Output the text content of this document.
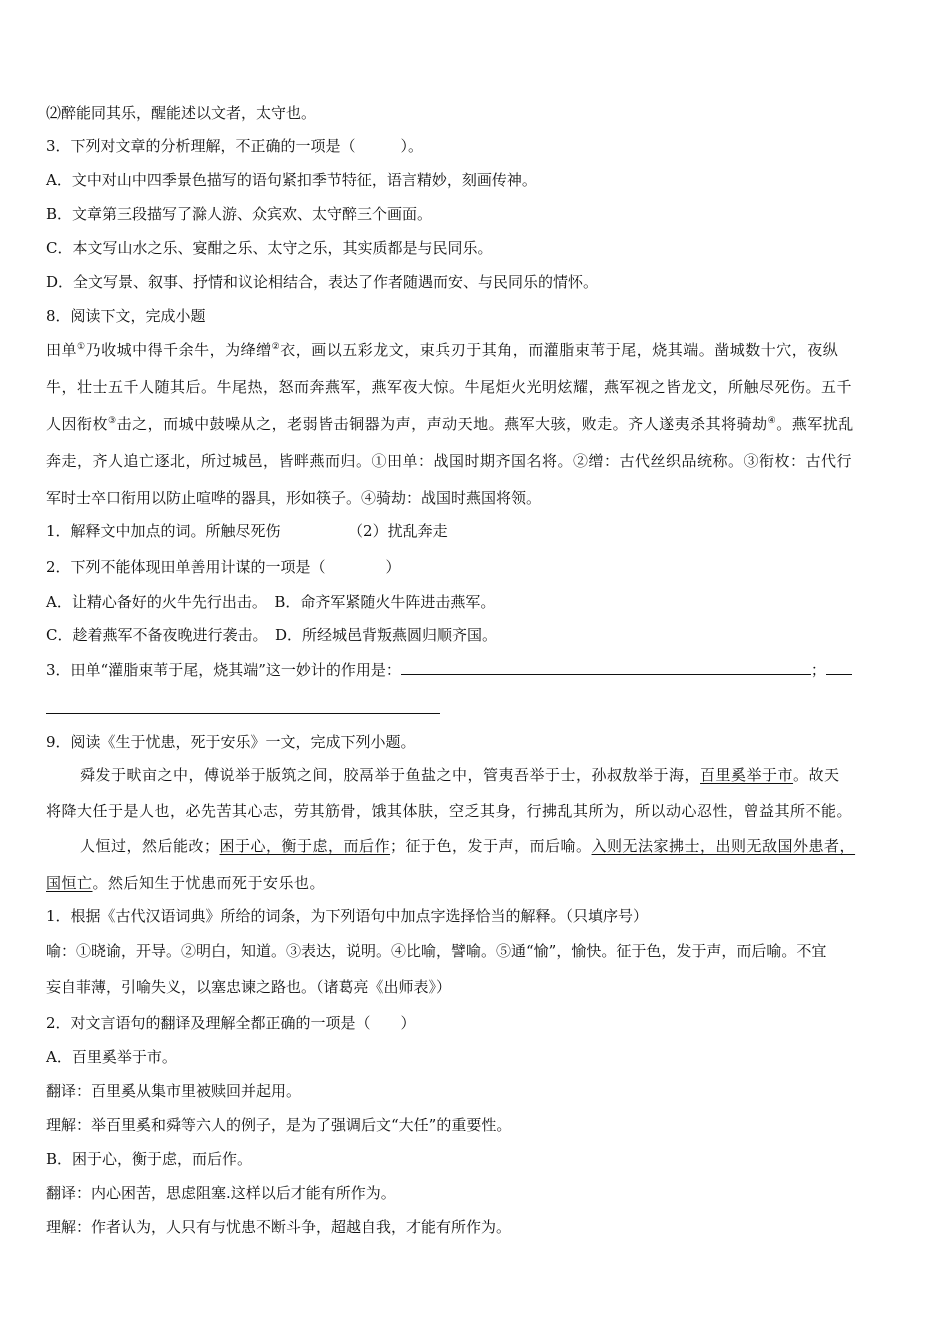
⑵醉能同其乐，醒能述以文者，太守也。
3．下列对文章的分析理解，不正确的一项是（　　　）。
A．文中对山中四季景色描写的语句紧扣季节特征，语言精妙，刻画传神。
B．文章第三段描写了滁人游、众宾欢、太守醉三个画面。
C．本文写山水之乐、宴酣之乐、太守之乐，其实质都是与民同乐。
D．全文写景、叙事、抒情和议论相结合，表达了作者随遇而安、与民同乐的情怀。
8．阅读下文，完成小题
田单①乃收城中得千余牛，为绛缯②衣，画以五彩龙文，束兵刃于其角，而灌脂束苇于尾，烧其端。凿城数十穴，夜纵
牛，壮士五千人随其后。牛尾热，怒而奔燕军，燕军夜大惊。牛尾炬火光明炫耀，燕军视之皆龙文，所触尽死伤。五千
人因衔枚③击之，而城中鼓噪从之，老弱皆击铜器为声，声动天地。燕军大骇，败走。齐人遂夷杀其将骑劫④。燕军扰乱
奔走，齐人追亡逐北，所过城邑，皆畔燕而归。①田单：战国时期齐国名将。②缯：古代丝织品统称。③衔枚：古代行
军时士卒口衔用以防止喧哗的器具，形如筷子。④骑劫：战国时燕国将领。
1．解释文中加点的词。所触尽死伤　　　　　（2）扰乱奔走
2．下列不能体现田单善用计谋的一项是（　　　　）
A．让精心备好的火牛先行出击。　B．命齐军紧随火牛阵进击燕军。
C．趁着燕军不备夜晚进行袭击。　D．所经城邑背叛燕圆归顺齐国。
3．田单“灌脂束苇于尾，烧其端”这一妙计的作用是：	；
9．阅读《生于忧患，死于安乐》一文，完成下列小题。
舜发于畎亩之中，傅说举于版筑之间，胶鬲举于鱼盐之中，管夷吾举于士，孙叔敖举于海，百里奚举于市。故天
将降大任于是人也，必先苦其心志，劳其筋骨，饿其体肤，空乏其身，行拂乱其所为，所以动心忍性，曾益其所不能。
人恒过，然后能改；困于心，衡于虑，而后作；征于色，发于声，而后喻。入则无法家拂士，出则无敌国外患者，
国恒亡。然后知生于忧患而死于安乐也。
1．根据《古代汉语词典》所给的词条，为下列语句中加点字选择恰当的解释。（只填序号）
喻：①晓谕，开导。②明白，知道。③表达，说明。④比喻，譬喻。⑤通“愉”，愉快。征于色，发于声，而后喻。不宜
妄自菲薄，引喻失义，以塞忠谏之路也。（诸葛亮《出师表》）
2．对文言语句的翻译及理解全都正确的一项是（　　）
A．百里奚举于市。
翻译：百里奚从集市里被赎回并起用。
理解：举百里奚和舜等六人的例子，是为了强调后文“大任”的重要性。
B．困于心，衡于虑，而后作。
翻译：内心困苦，思虑阻塞.这样以后才能有所作为。
理解：作者认为，人只有与忧患不断斗争，超越自我，才能有所作为。
